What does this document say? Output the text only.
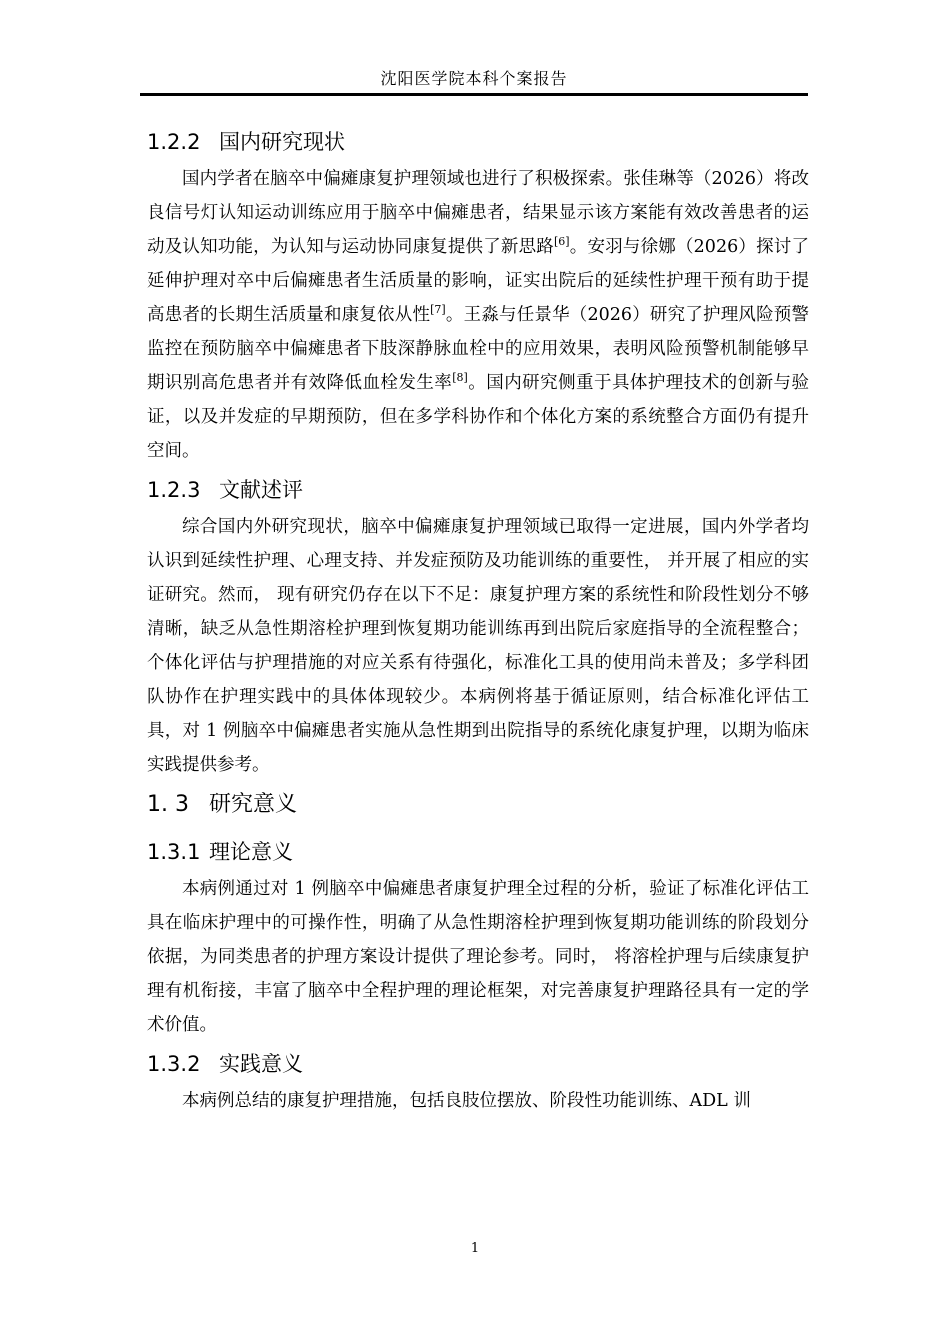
沈阳医学院本科个案报告
1.2.2 国内研究现状

国内学者在脑卒中偏瘫康复护理领域也进行了积极探索。张佳琳等（2026）将改良信号灯认知运动训练应用于脑卒中偏瘫患者，结果显示该方案能有效改善患者的运动及认知功能，为认知与运动协同康复提供了新思路[6]。安羽与徐娜（2026）探讨了延伸护理对卒中后偏瘫患者生活质量的影响，证实出院后的延续性护理干预有助于提高患者的长期生活质量和康复依从性[7]。王淼与任景华（2026）研究了护理风险预警监控在预防脑卒中偏瘫患者下肢深静脉血栓中的应用效果，表明风险预警机制能够早期识别高危患者并有效降低血栓发生率[8]。国内研究侧重于具体护理技术的创新与验证，以及并发症的早期预防，但在多学科协作和个体化方案的系统整合方面仍有提升空间。

1.2.3 文献述评

综合国内外研究现状，脑卒中偏瘫康复护理领域已取得一定进展，国内外学者均认识到延续性护理、心理支持、并发症预防及功能训练的重要性， 并开展了相应的实证研究。然而， 现有研究仍存在以下不足：康复护理方案的系统性和阶段性划分不够清晰，缺乏从急性期溶栓护理到恢复期功能训练再到出院后家庭指导的全流程整合；个体化评估与护理措施的对应关系有待强化，标准化工具的使用尚未普及；多学科团队协作在护理实践中的具体体现较少。本病例将基于循证原则，结合标准化评估工具，对 1 例脑卒中偏瘫患者实施从急性期到出院指导的系统化康复护理，以期为临床实践提供参考。

1. 3 研究意义
1.3.1 理论意义

本病例通过对 1 例脑卒中偏瘫患者康复护理全过程的分析，验证了标准化评估工具在临床护理中的可操作性，明确了从急性期溶栓护理到恢复期功能训练的阶段划分依据，为同类患者的护理方案设计提供了理论参考。同时， 将溶栓护理与后续康复护理有机衔接，丰富了脑卒中全程护理的理论框架，对完善康复护理路径具有一定的学术价值。

1.3.2 实践意义

本病例总结的康复护理措施，包括良肢位摆放、阶段性功能训练、ADL 训

1
